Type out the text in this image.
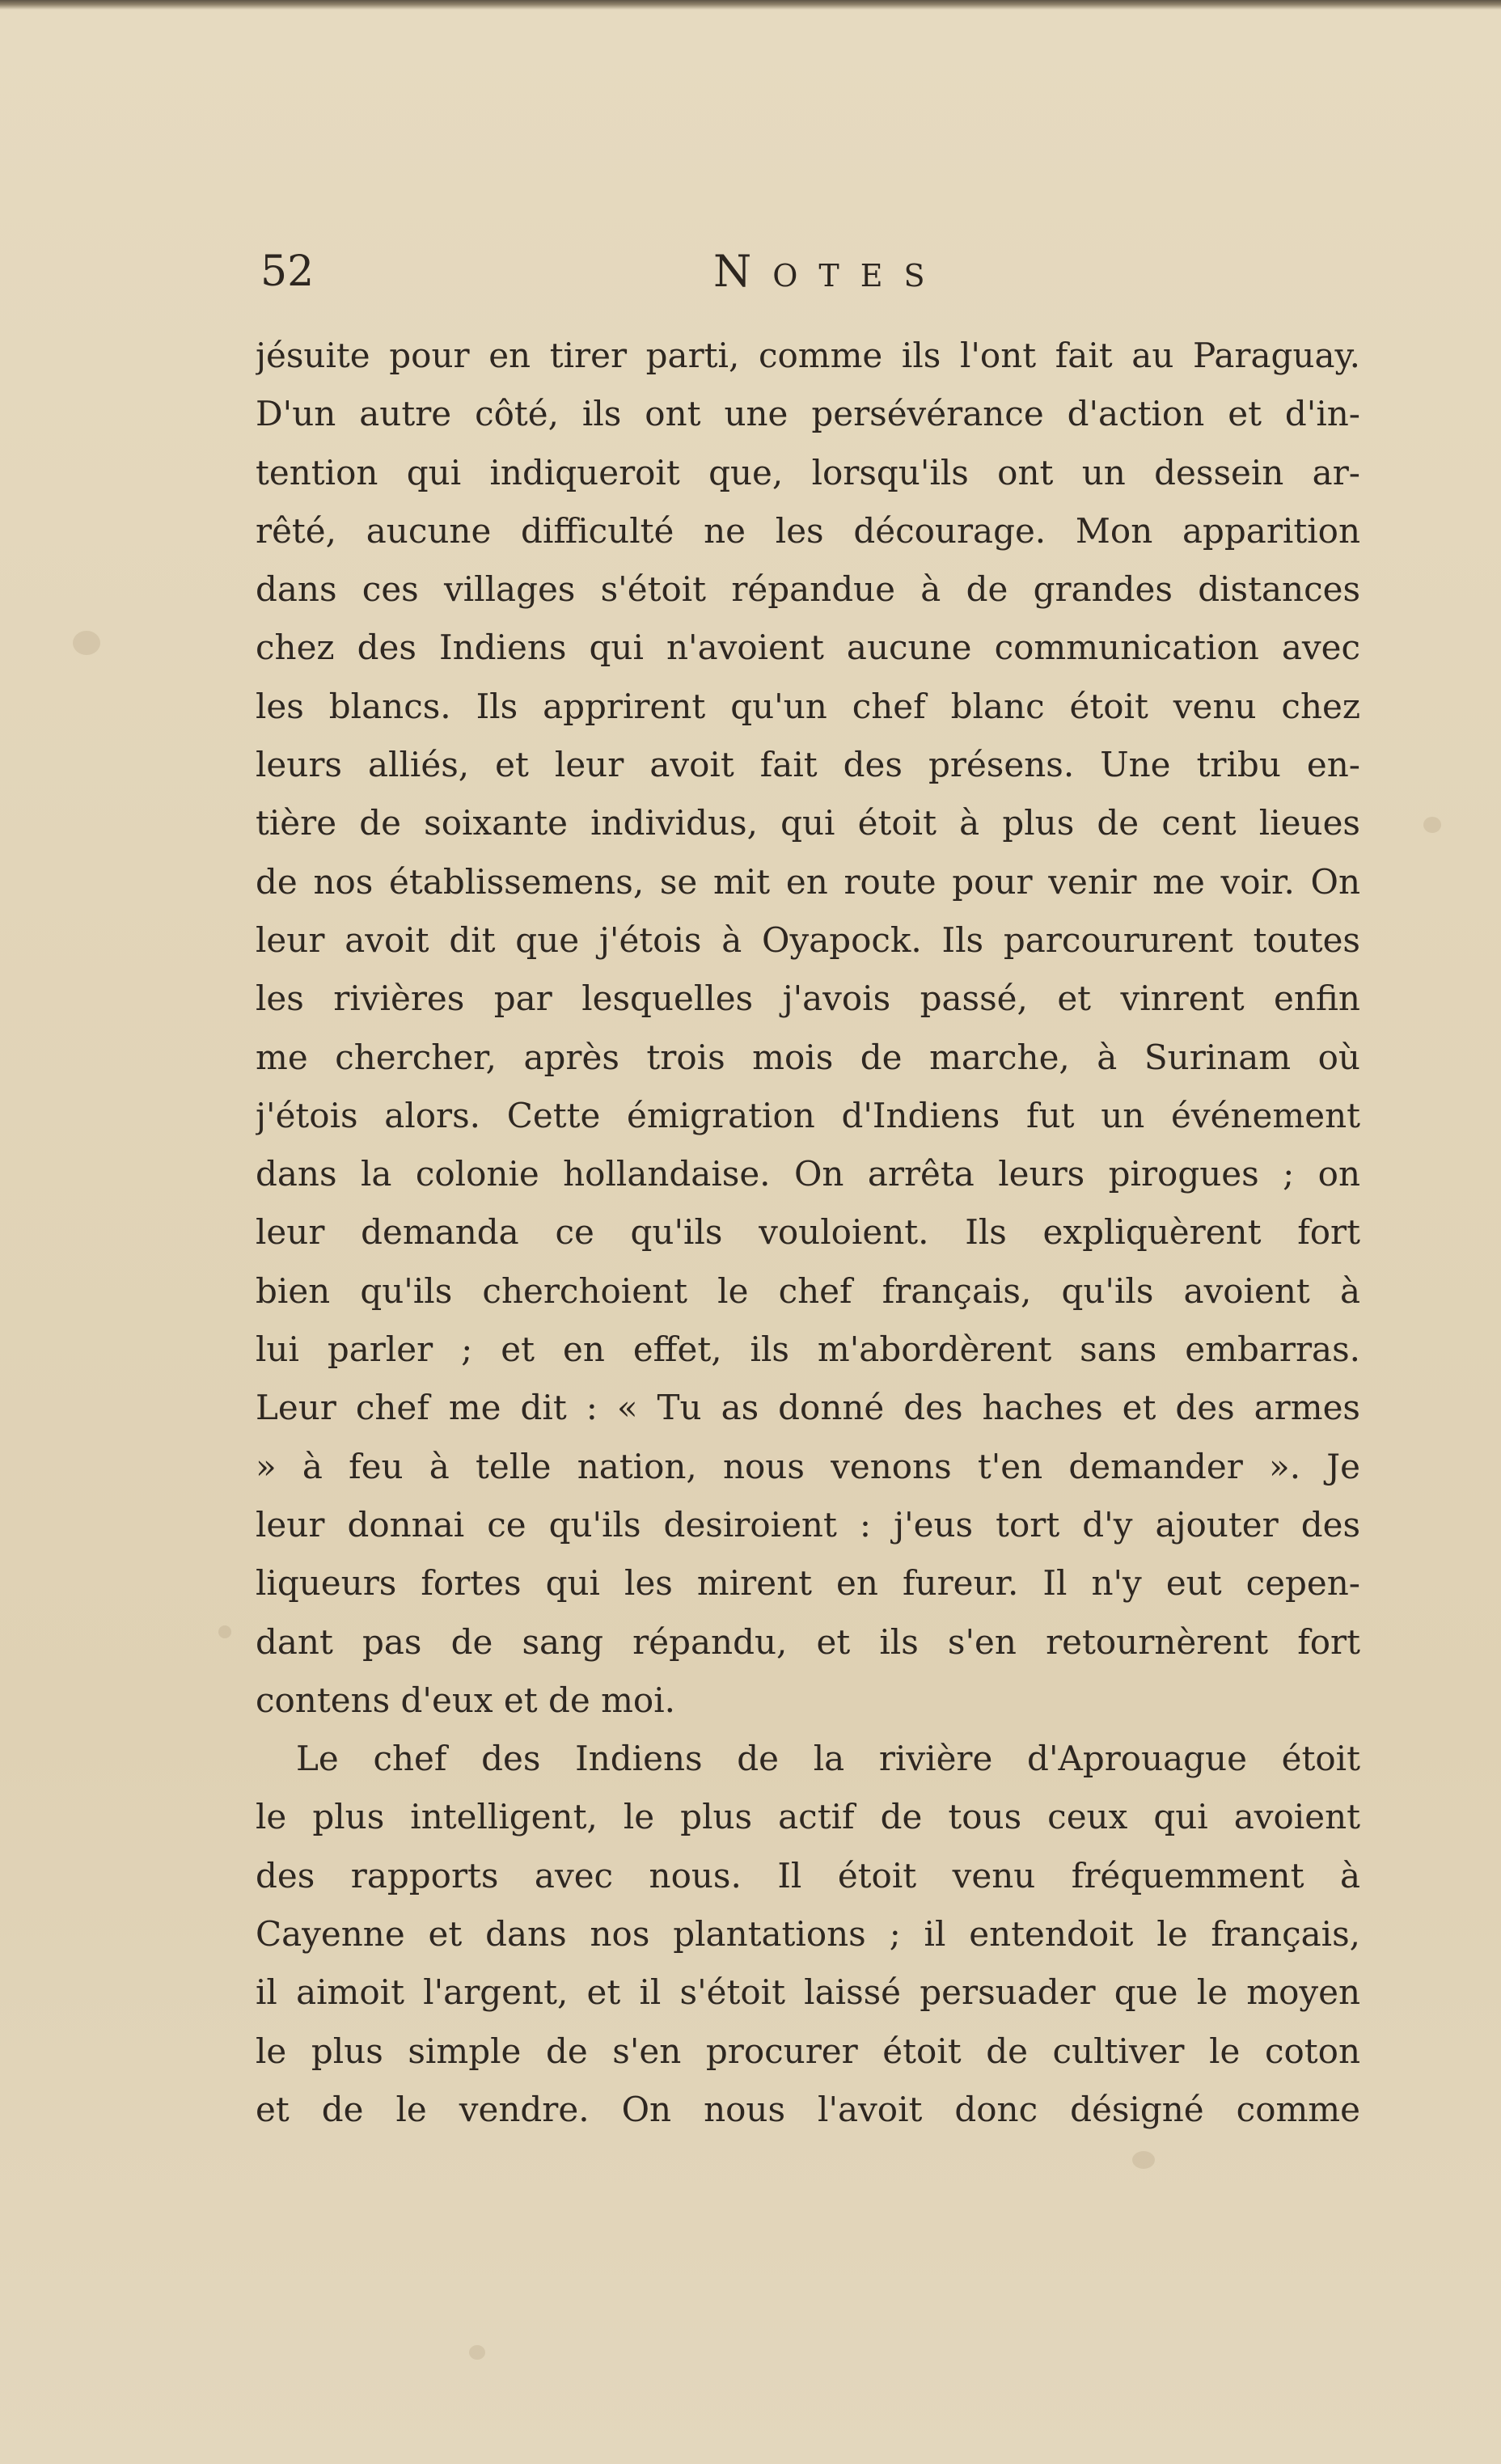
52	Notes
jésuite pour en tirer parti, comme ils l'ont fait au Paraguay.
D'un autre côté, ils ont une persévérance d'action et d'in-
tention qui indiqueroit que, lorsqu'ils ont un dessein ar-
rêté, aucune difficulté ne les décourage. Mon apparition
dans ces villages s'étoit répandue à de grandes distances
chez des Indiens qui n'avoient aucune communication avec
les blancs. Ils apprirent qu'un chef blanc étoit venu chez
leurs alliés, et leur avoit fait des présens. Une tribu en-
tière de soixante individus, qui étoit à plus de cent lieues
de nos établissemens, se mit en route pour venir me voir. On
leur avoit dit que j'étois à Oyapock. Ils parcoururent toutes
les rivières par lesquelles j'avois passé, et vinrent enfin
me chercher, après trois mois de marche, à Surinam où
j'étois alors. Cette émigration d'Indiens fut un événement
dans la colonie hollandaise. On arrêta leurs pirogues ; on
leur demanda ce qu'ils vouloient. Ils expliquèrent fort
bien qu'ils cherchoient le chef français, qu'ils avoient à
lui parler ; et en effet, ils m'abordèrent sans embarras.
Leur chef me dit : « Tu as donné des haches et des armes
» à feu à telle nation, nous venons t'en demander ». Je
leur donnai ce qu'ils desiroient : j'eus tort d'y ajouter des
liqueurs fortes qui les mirent en fureur. Il n'y eut cepen-
dant pas de sang répandu, et ils s'en retournèrent fort
contens d'eux et de moi.
Le chef des Indiens de la rivière d'Aprouague étoit
le plus intelligent, le plus actif de tous ceux qui avoient
des rapports avec nous. Il étoit venu fréquemment à
Cayenne et dans nos plantations ; il entendoit le français,
il aimoit l'argent, et il s'étoit laissé persuader que le moyen
le plus simple de s'en procurer étoit de cultiver le coton
et de le vendre. On nous l'avoit donc désigné comme
